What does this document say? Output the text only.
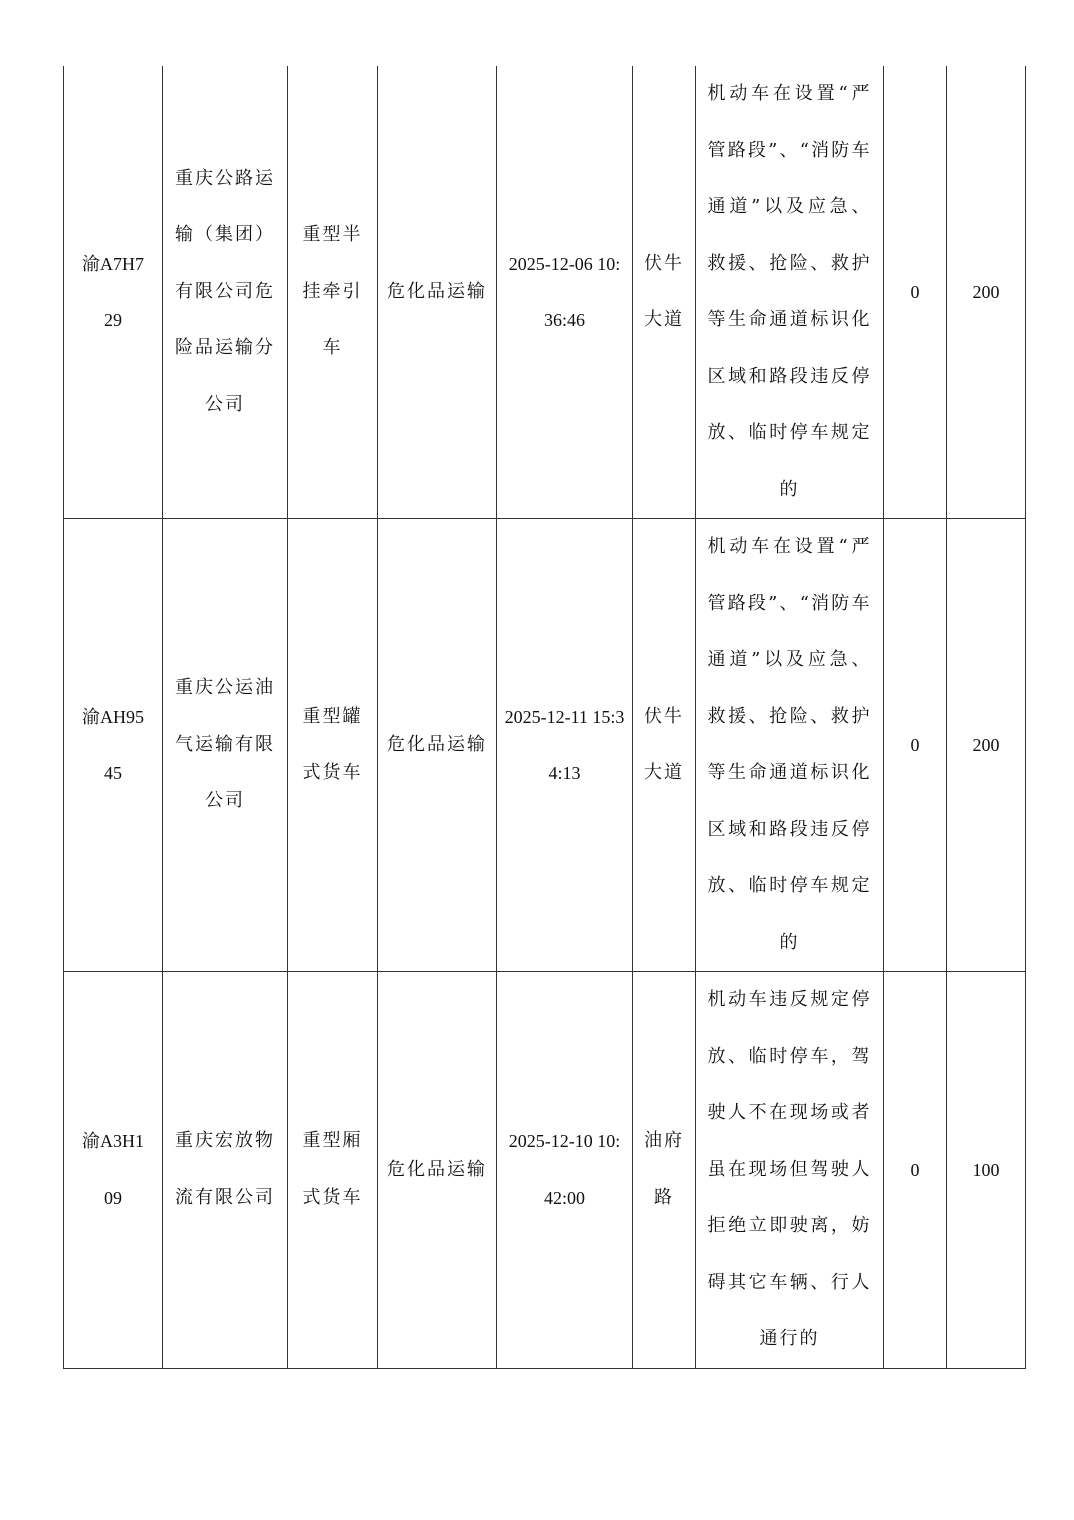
渝A7H729	重庆公路运输（集团）有限公司危险品运输分公司	重型半挂牵引车	危化品运输	2025-12-06 10:36:46	伏牛大道	机动车在设置“严管路段”、“消防车通道”以及应急、救援、抢险、救护等生命通道标识化区域和路段违反停放、临时停车规定的	0	200

渝AH9545	重庆公运油气运输有限公司	重型罐式货车	危化品运输	2025-12-11 15:34:13	伏牛大道	机动车在设置“严管路段”、“消防车通道”以及应急、救援、抢险、救护等生命通道标识化区域和路段违反停放、临时停车规定的	0	200

渝A3H109	重庆宏放物流有限公司	重型厢式货车	危化品运输	2025-12-10 10:42:00	油府路	机动车违反规定停放、临时停车，驾驶人不在现场或者虽在现场但驾驶人拒绝立即驶离，妨碍其它车辆、行人通行的	0	100
